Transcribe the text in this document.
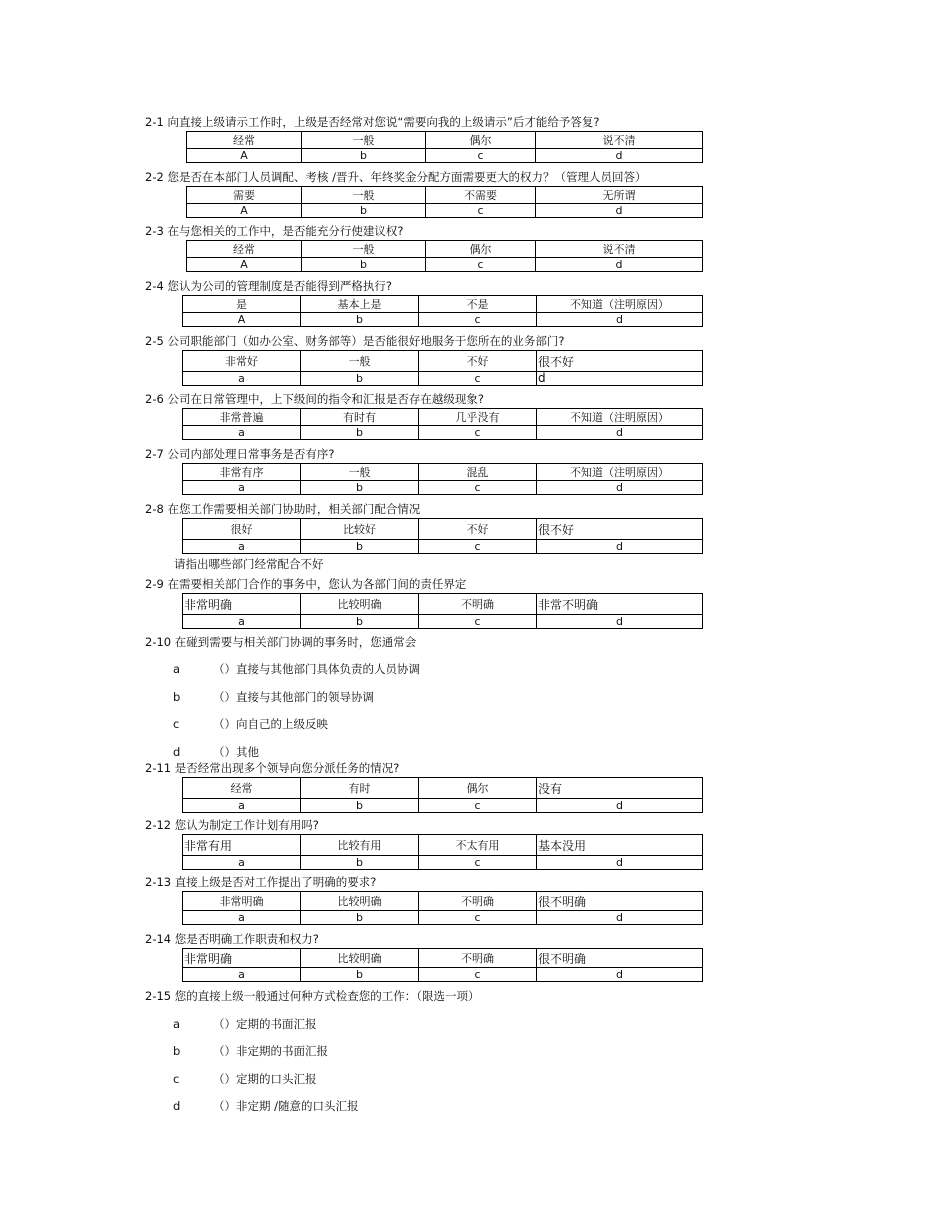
2-1 向直接上级请示工作时，上级是否经常对您说“需要向我的上级请示”后才能给予答复?
经常	一般	偶尔	说不清
A	b	c	d
2-2 您是否在本部门人员调配、考核 /晋升、年终奖金分配方面需要更大的权力？（管理人员回答）
需要	一般	不需要	无所谓
A	b	c	d
2-3 在与您相关的工作中，是否能充分行使建议权?
经常	一般	偶尔	说不清
A	b	c	d
2-4 您认为公司的管理制度是否能得到严格执行?
是	基本上是	不是	不知道（注明原因）
A	b	c	d
2-5 公司职能部门（如办公室、财务部等）是否能很好地服务于您所在的业务部门?
非常好	一般	不好	很不好
a	b	c	d
2-6 公司在日常管理中，上下级间的指令和汇报是否存在越级现象?
非常普遍	有时有	几乎没有	不知道（注明原因）
a	b	c	d
2-7 公司内部处理日常事务是否有序?
非常有序	一般	混乱	不知道（注明原因）
a	b	c	d
2-8 在您工作需要相关部门协助时，相关部门配合情况
很好	比较好	不好	很不好
a	b	c	d
请指出哪些部门经常配合不好
2-9 在需要相关部门合作的事务中，您认为各部门间的责任界定
非常明确	比较明确	不明确	非常不明确
a	b	c	d
2-10 在碰到需要与相关部门协调的事务时，您通常会
a	（）直接与其他部门具体负责的人员协调
b	（）直接与其他部门的领导协调
c	（）向自己的上级反映
d	（）其他
2-11 是否经常出现多个领导向您分派任务的情况?
经常	有时	偶尔	没有
a	b	c	d
2-12 您认为制定工作计划有用吗?
非常有用	比较有用	不太有用	基本没用
a	b	c	d
2-13 直接上级是否对工作提出了明确的要求?
非常明确	比较明确	不明确	很不明确
a	b	c	d
2-14 您是否明确工作职责和权力?
非常明确	比较明确	不明确	很不明确
a	b	c	d
2-15 您的直接上级一般通过何种方式检查您的工作：（限选一项）
a	（）定期的书面汇报
b	（）非定期的书面汇报
c	（）定期的口头汇报
d	（）非定期 /随意的口头汇报
